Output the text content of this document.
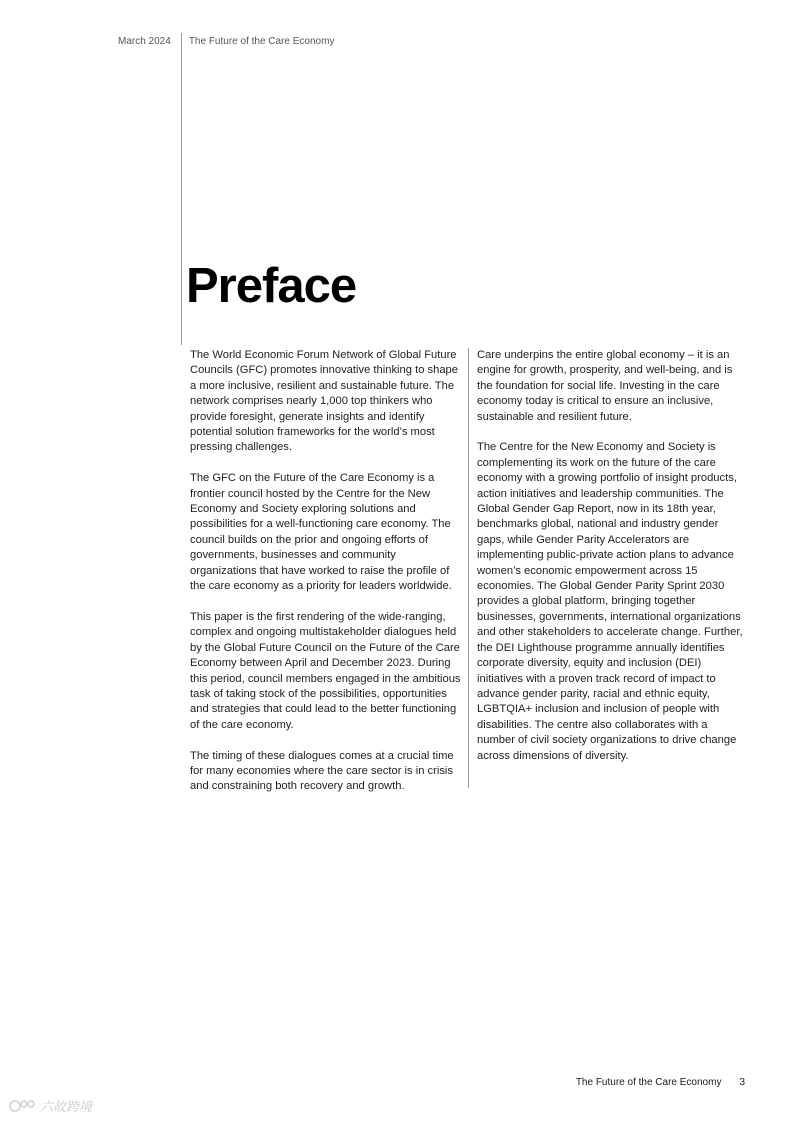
March 2024 The Future of the Care Economy
Preface

The World Economic Forum Network of Global Future Councils (GFC) promotes innovative thinking to shape a more inclusive, resilient and sustainable future. The network comprises nearly 1,000 top thinkers who provide foresight, generate insights and identify potential solution frameworks for the world’s most pressing challenges.

The GFC on the Future of the Care Economy is a frontier council hosted by the Centre for the New Economy and Society exploring solutions and possibilities for a well-functioning care economy. The council builds on the prior and ongoing efforts of governments, businesses and community organizations that have worked to raise the profile of the care economy as a priority for leaders worldwide.

This paper is the first rendering of the wide-ranging, complex and ongoing multistakeholder dialogues held by the Global Future Council on the Future of the Care Economy between April and December 2023. During this period, council members engaged in the ambitious task of taking stock of the possibilities, opportunities and strategies that could lead to the better functioning of the care economy.

The timing of these dialogues comes at a crucial time for many economies where the care sector is in crisis and constraining both recovery and growth.

Care underpins the entire global economy – it is an engine for growth, prosperity, and well-being, and is the foundation for social life. Investing in the care economy today is critical to ensure an inclusive, sustainable and resilient future.

The Centre for the New Economy and Society is complementing its work on the future of the care economy with a growing portfolio of insight products, action initiatives and leadership communities. The Global Gender Gap Report, now in its 18th year, benchmarks global, national and industry gender gaps, while Gender Parity Accelerators are implementing public-private action plans to advance women’s economic empowerment across 15 economies. The Global Gender Parity Sprint 2030 provides a global platform, bringing together businesses, governments, international organizations and other stakeholders to accelerate change. Further, the DEI Lighthouse programme annually identifies corporate diversity, equity and inclusion (DEI) initiatives with a proven track record of impact to advance gender parity, racial and ethnic equity, LGBTQIA+ inclusion and inclusion of people with disabilities. The centre also collaborates with a number of civil society organizations to drive change across dimensions of diversity.

The Future of the Care Economy 3
六故跨境
